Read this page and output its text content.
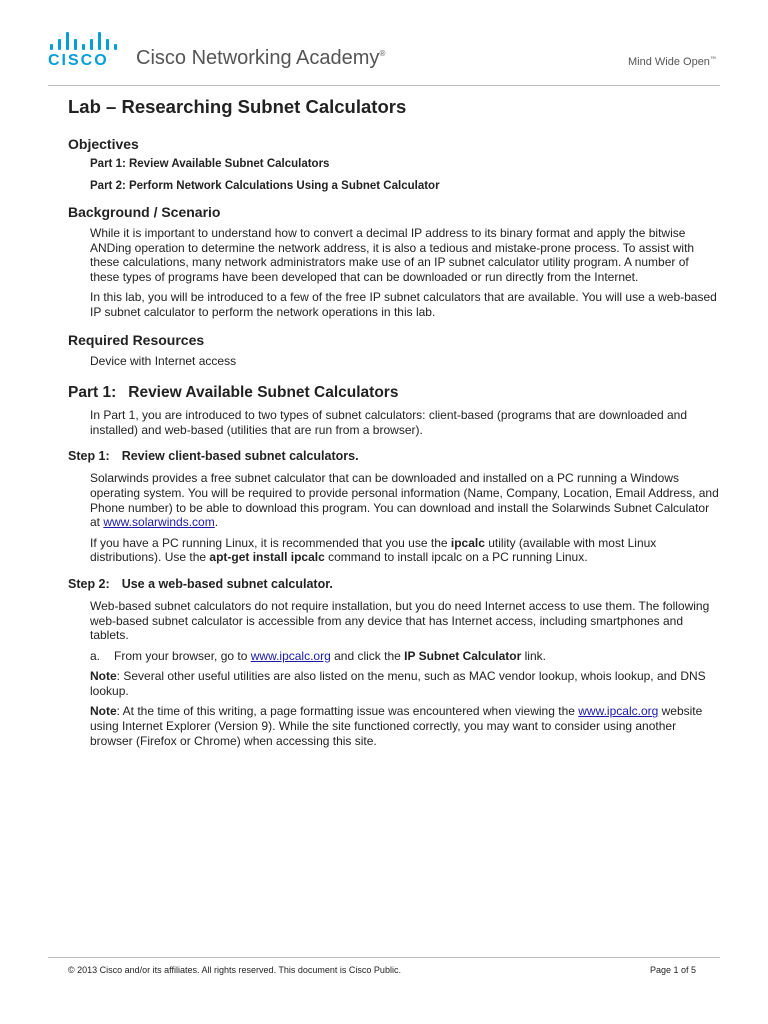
CISCO Cisco Networking Academy®
Mind Wide Open™
Lab – Researching Subnet Calculators
Objectives
Part 1: Review Available Subnet Calculators
Part 2: Perform Network Calculations Using a Subnet Calculator
Background / Scenario

While it is important to understand how to convert a decimal IP address to its binary format and apply the bitwise ANDing operation to determine the network address, it is also a tedious and mistake-prone process. To assist with these calculations, many network administrators make use of an IP subnet calculator utility program. A number of these types of programs have been developed that can be downloaded or run directly from the Internet.

In this lab, you will be introduced to a few of the free IP subnet calculators that are available. You will use a web-based IP subnet calculator to perform the network operations in this lab.

Required Resources

Device with Internet access

Part 1: Review Available Subnet Calculators

In Part 1, you are introduced to two types of subnet calculators: client-based (programs that are downloaded and installed) and web-based (utilities that are run from a browser).

Step 1: Review client-based subnet calculators.

Solarwinds provides a free subnet calculator that can be downloaded and installed on a PC running a Windows operating system. You will be required to provide personal information (Name, Company, Location, Email Address, and Phone number) to be able to download this program. You can download and install the Solarwinds Subnet Calculator at www.solarwinds.com.

If you have a PC running Linux, it is recommended that you use the ipcalc utility (available with most Linux distributions). Use the apt-get install ipcalc command to install ipcalc on a PC running Linux.

Step 2: Use a web-based subnet calculator.

Web-based subnet calculators do not require installation, but you do need Internet access to use them. The following web-based subnet calculator is accessible from any device that has Internet access, including smartphones and tablets.

a. From your browser, go to www.ipcalc.org and click the IP Subnet Calculator link.

Note: Several other useful utilities are also listed on the menu, such as MAC vendor lookup, whois lookup, and DNS lookup.

Note: At the time of this writing, a page formatting issue was encountered when viewing the www.ipcalc.org website using Internet Explorer (Version 9). While the site functioned correctly, you may want to consider using another browser (Firefox or Chrome) when accessing this site.

© 2013 Cisco and/or its affiliates. All rights reserved. This document is Cisco Public.	Page 1 of 5
